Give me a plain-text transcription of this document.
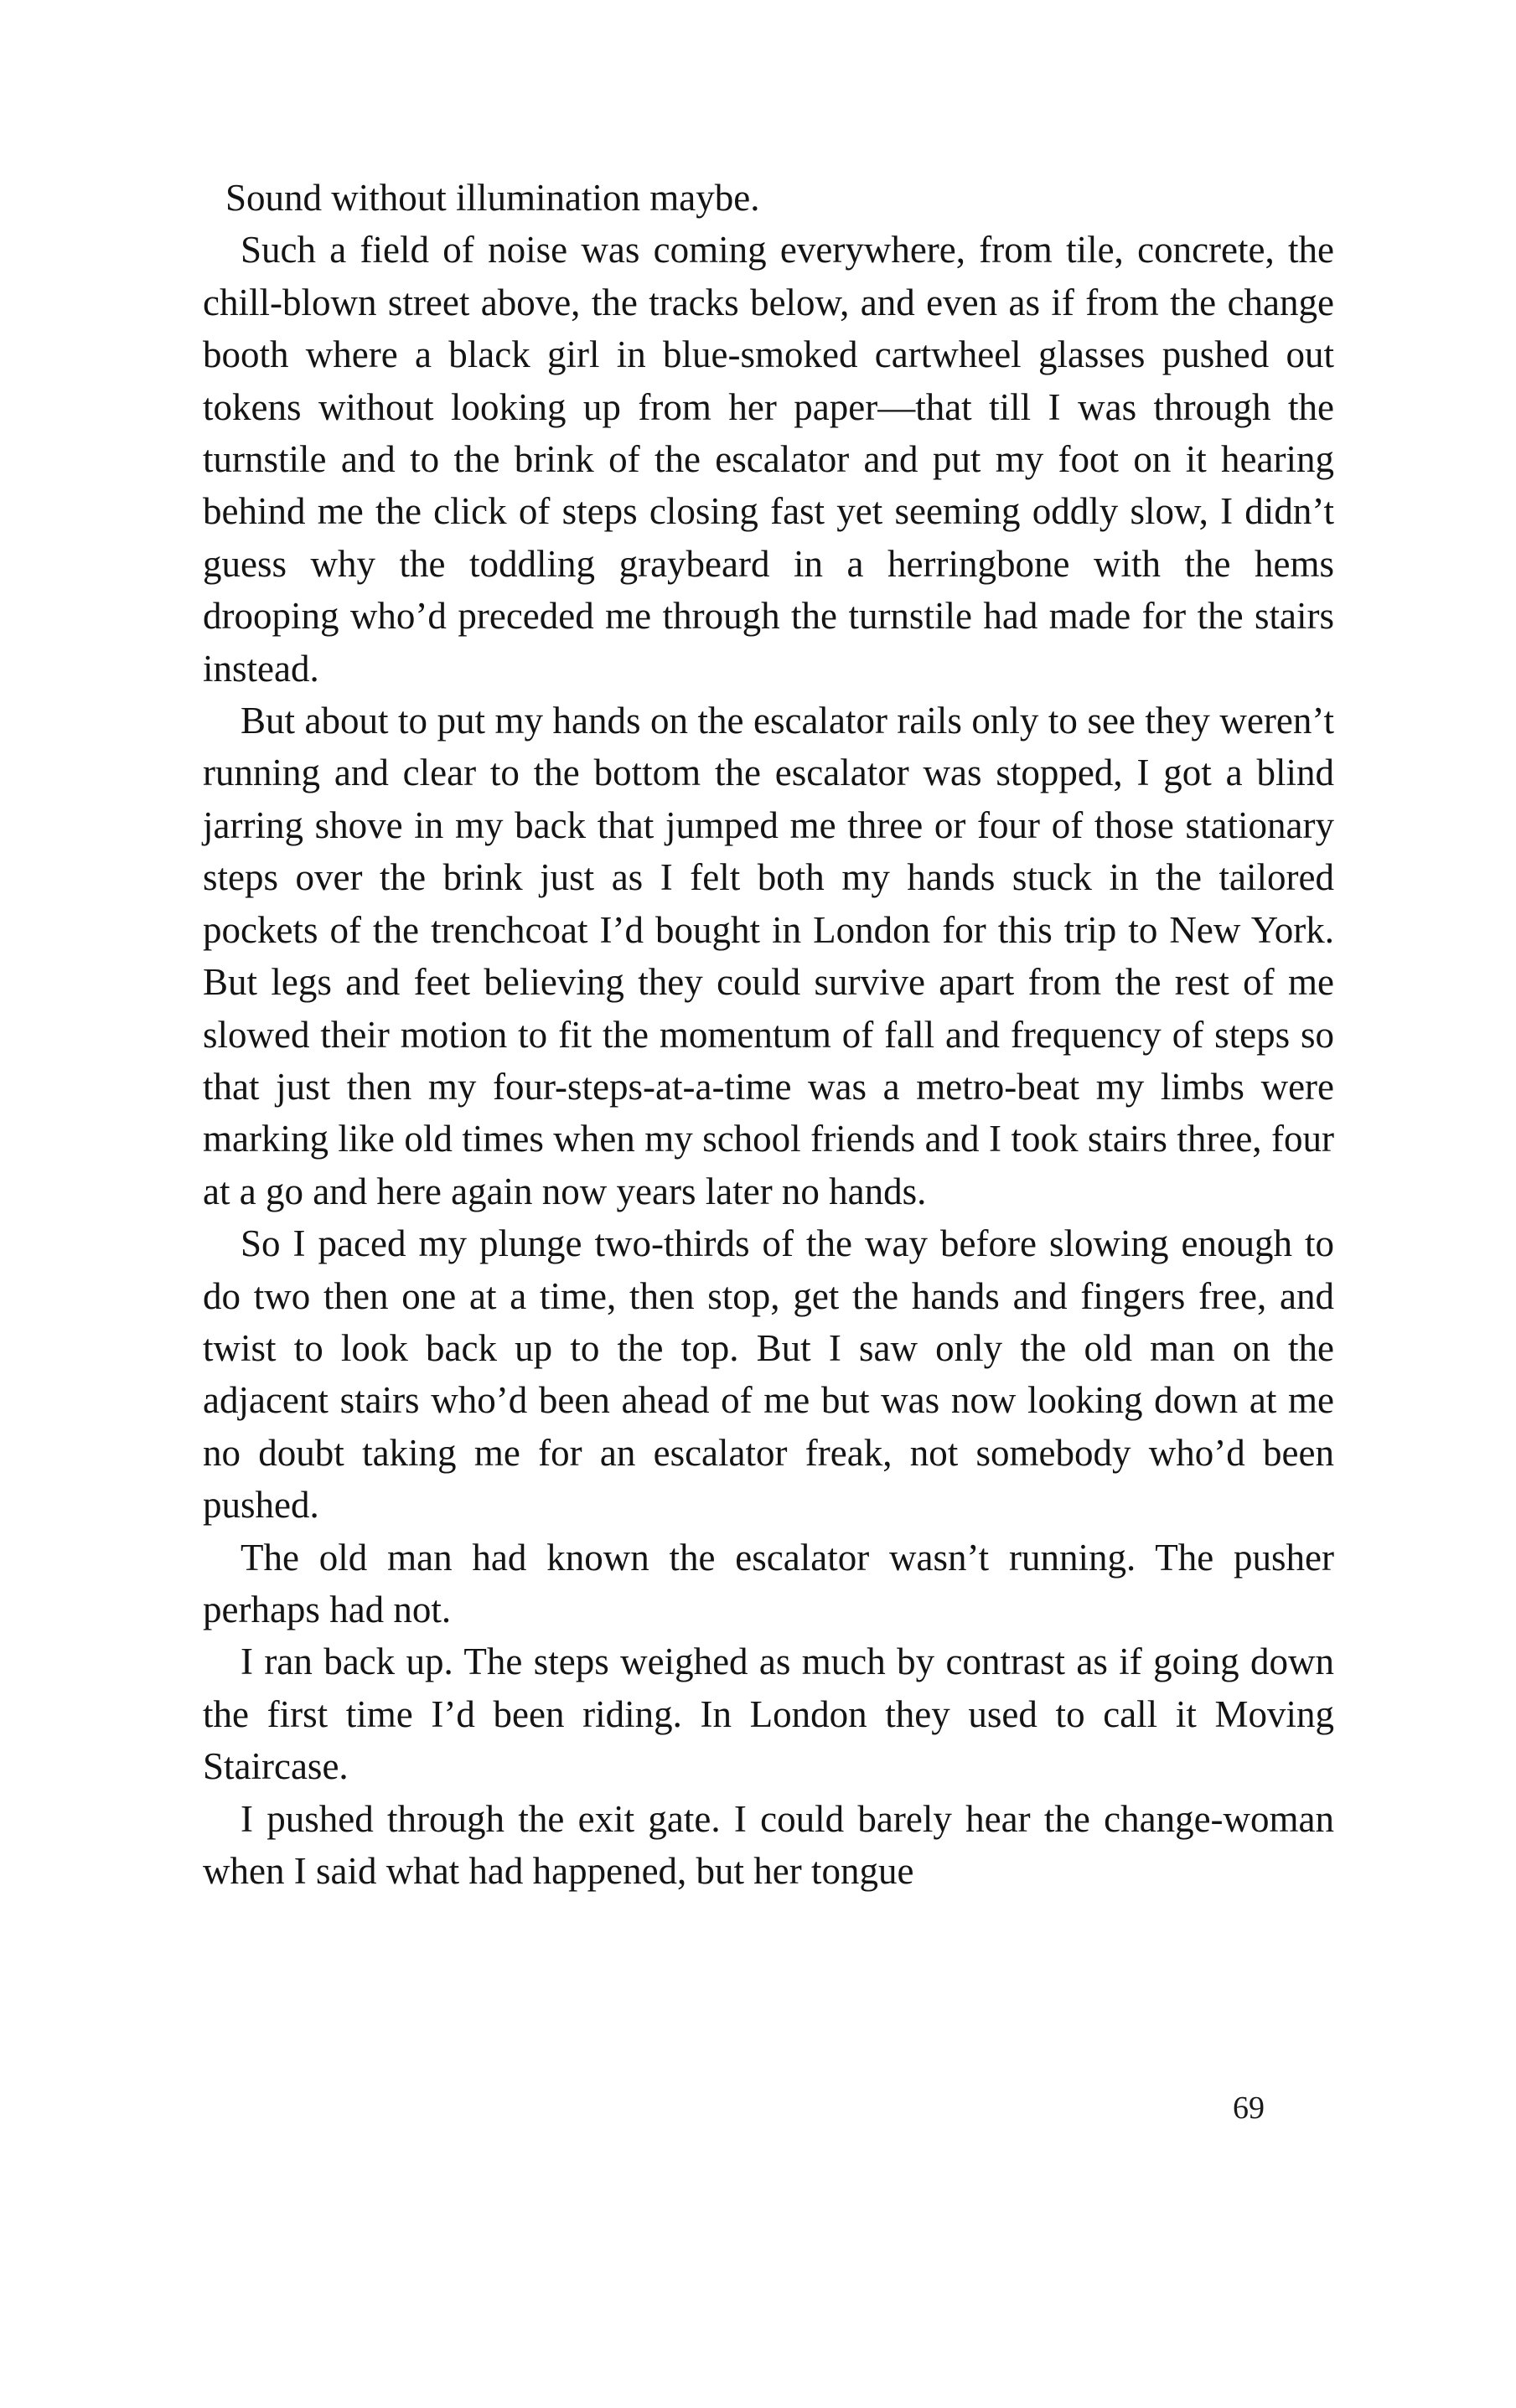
Sound without illumination maybe.

Such a field of noise was coming everywhere, from tile, concrete, the chill-blown street above, the tracks below, and even as if from the change booth where a black girl in blue-smoked cartwheel glasses pushed out tokens without looking up from her paper—that till I was through the turnstile and to the brink of the escalator and put my foot on it hearing behind me the click of steps closing fast yet seeming oddly slow, I didn’t guess why the toddling graybeard in a herringbone with the hems drooping who’d preceded me through the turnstile had made for the stairs instead.

But about to put my hands on the escalator rails only to see they weren’t running and clear to the bottom the escalator was stopped, I got a blind jarring shove in my back that jumped me three or four of those stationary steps over the brink just as I felt both my hands stuck in the tailored pockets of the trenchcoat I’d bought in London for this trip to New York. But legs and feet believing they could survive apart from the rest of me slowed their motion to fit the momentum of fall and frequency of steps so that just then my four-steps-at-a-time was a metro-beat my limbs were marking like old times when my school friends and I took stairs three, four at a go and here again now years later no hands.

So I paced my plunge two-thirds of the way before slowing enough to do two then one at a time, then stop, get the hands and fingers free, and twist to look back up to the top. But I saw only the old man on the adjacent stairs who’d been ahead of me but was now looking down at me no doubt taking me for an escalator freak, not somebody who’d been pushed.

The old man had known the escalator wasn’t running. The pusher perhaps had not.

I ran back up. The steps weighed as much by contrast as if going down the first time I’d been riding. In London they used to call it Moving Staircase.

I pushed through the exit gate. I could barely hear the change-woman when I said what had happened, but her tongue

69
